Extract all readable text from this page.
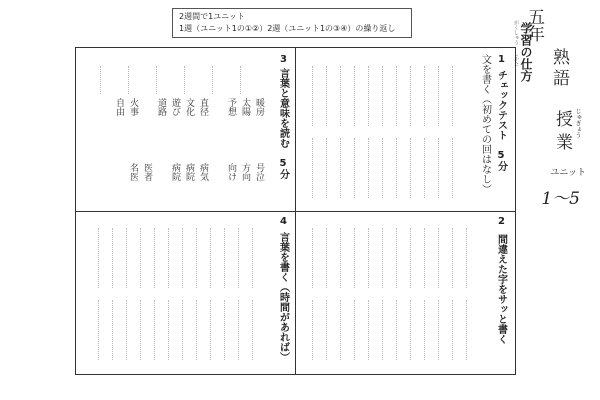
2週間で1ユニット
1週（ユニット1の①②）2週（ユニット1の③④）の繰り返し	五年
熟語
授業 じゅぎょう
ユニット
1～5
学習の仕方
がくしゅう しかた
1
チェックテスト　5分
文を書く（初めての回はなし）
2
間違えた字をサッと書く
3
言葉と意味を読む　5分
暖房
太陽
予想
直径
文化
遊び
道路
火事
自由
号泣
方向
向け
病気
病院
病院
医者
名医
4
言葉を書く（時間があれば）
